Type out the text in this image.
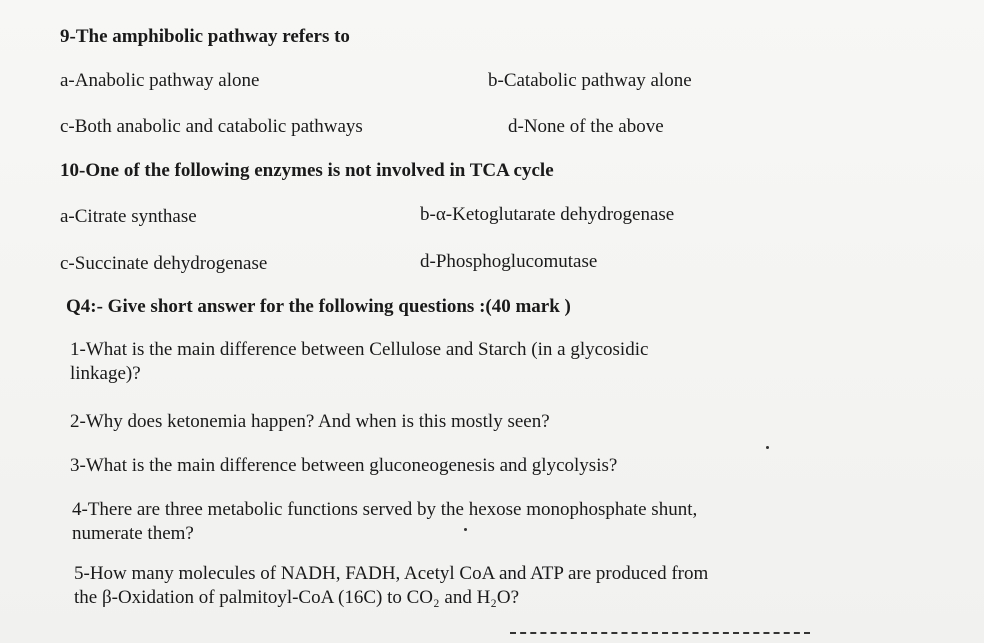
9-The amphibolic pathway refers to
a-Anabolic pathway alone	b-Catabolic pathway alone
c-Both anabolic and catabolic pathways	d-None of the above
10-One of the following enzymes is not involved in TCA cycle
a-Citrate synthase	b-α-Ketoglutarate dehydrogenase
c-Succinate dehydrogenase	d-Phosphoglucomutase
Q4:- Give short answer for the following questions :(40 mark )
1-What is the main difference between Cellulose and Starch (in a glycosidic
linkage)?
2-Why does ketonemia happen? And when is this mostly seen?
3-What is the main difference between gluconeogenesis and glycolysis?
4-There are three metabolic functions served by the hexose monophosphate shunt,
numerate them?
5-How many molecules of NADH, FADH, Acetyl CoA and ATP are produced from
the β-Oxidation of palmitoyl-CoA (16C) to CO₂ and H₂O?
